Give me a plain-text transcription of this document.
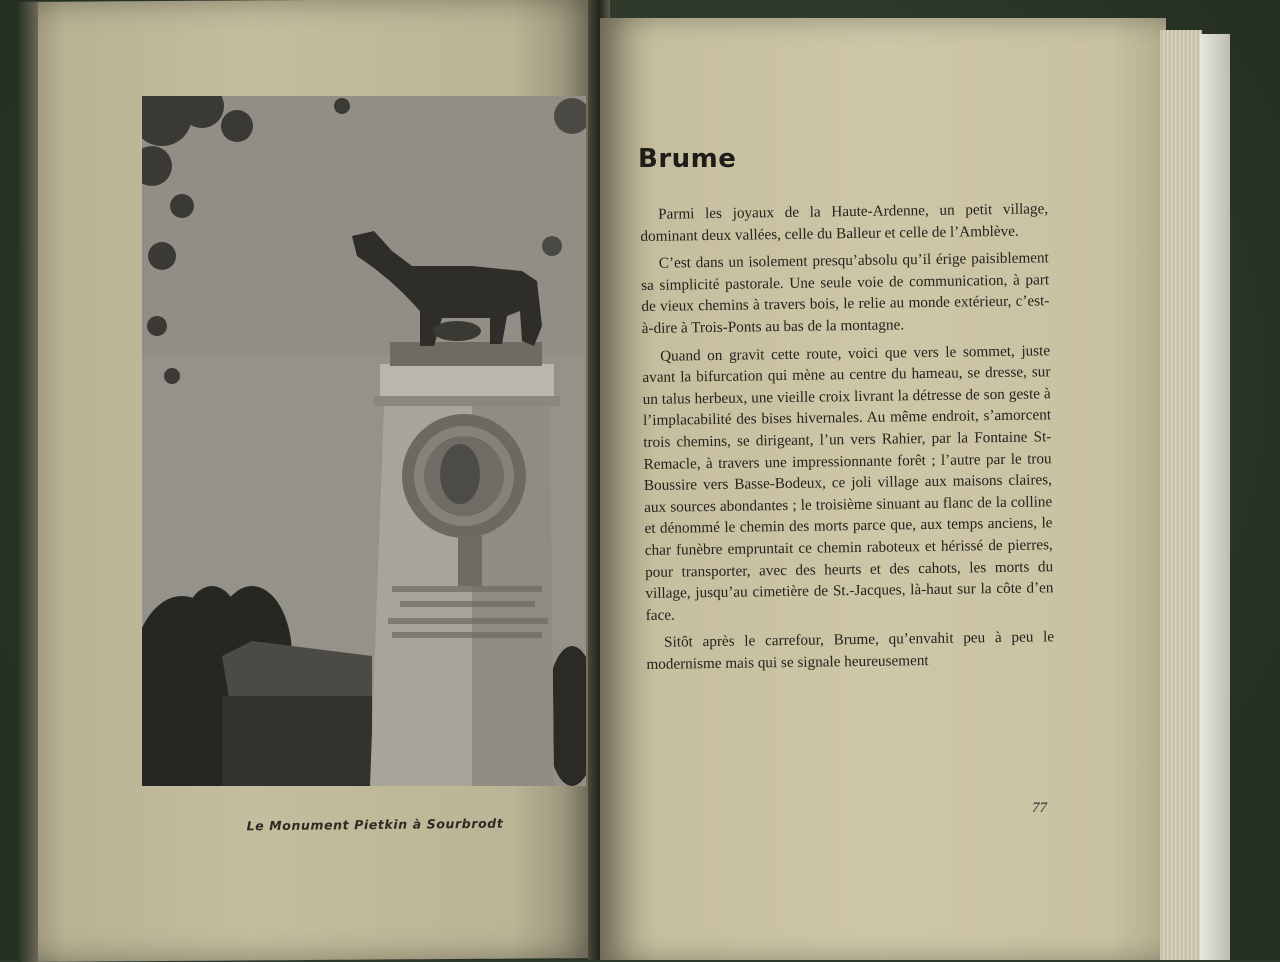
Le Monument Pietkin à Sourbrodt
Brume

Parmi les joyaux de la Haute-Ardenne, un petit village, dominant deux vallées, celle du Balleur et celle de l’Amblève.

C’est dans un isolement presqu’absolu qu’il érige paisiblement sa simplicité pastorale. Une seule voie de communication, à part de vieux chemins à travers bois, le relie au monde extérieur, c’est-à-dire à Trois-Ponts au bas de la montagne.

Quand on gravit cette route, voici que vers le sommet, juste avant la bifurcation qui mène au centre du hameau, se dresse, sur un talus herbeux, une vieille croix livrant la détresse de son geste à l’implacabilité des bises hivernales. Au même endroit, s’amorcent trois chemins, se dirigeant, l’un vers Rahier, par la Fontaine St-Remacle, à travers une impressionnante forêt ; l’autre par le trou Boussire vers Basse-Bodeux, ce joli village aux maisons claires, aux sources abondantes ; le troisième sinuant au flanc de la colline et dénommé le chemin des morts parce que, aux temps anciens, le char funèbre empruntait ce chemin raboteux et hérissé de pierres, pour transporter, avec des heurts et des cahots, les morts du village, jusqu’au cimetière de St.-Jacques, là-haut sur la côte d’en face.

Sitôt après le carrefour, Brume, qu’envahit peu à peu le modernisme mais qui se signale heureusement

77
